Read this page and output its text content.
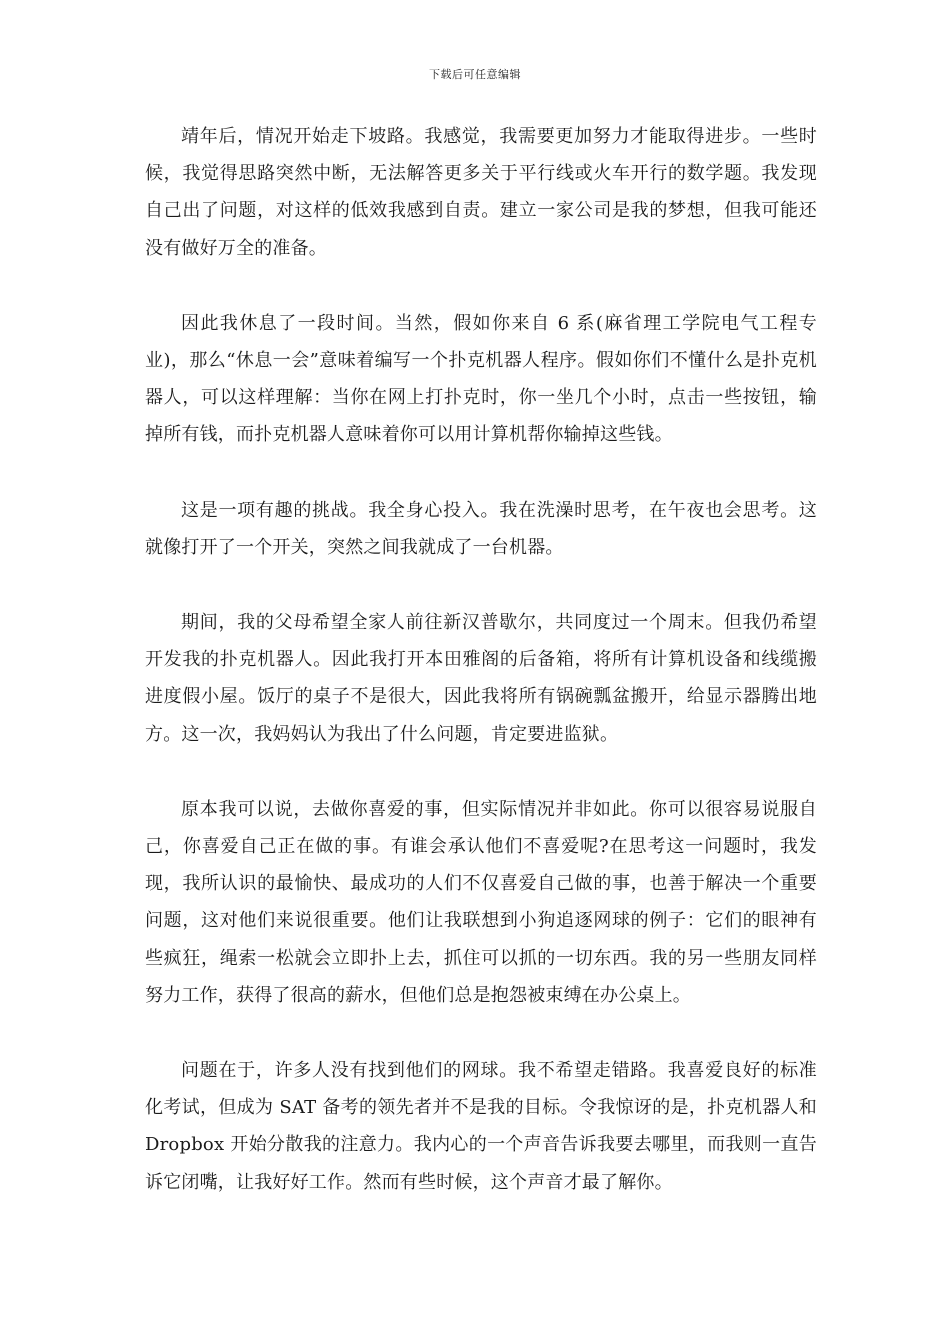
下载后可任意编辑

靖年后，情况开始走下坡路。我感觉，我需要更加努力才能取得进步。一些时候，我觉得思路突然中断，无法解答更多关于平行线或火车开行的数学题。我发现自己出了问题，对这样的低效我感到自责。建立一家公司是我的梦想，但我可能还没有做好万全的准备。

因此我休息了一段时间。当然，假如你来自 6 系(麻省理工学院电气工程专业)，那么“休息一会”意味着编写一个扑克机器人程序。假如你们不懂什么是扑克机器人，可以这样理解：当你在网上打扑克时，你一坐几个小时，点击一些按钮，输掉所有钱，而扑克机器人意味着你可以用计算机帮你输掉这些钱。

这是一项有趣的挑战。我全身心投入。我在洗澡时思考，在午夜也会思考。这就像打开了一个开关，突然之间我就成了一台机器。

期间，我的父母希望全家人前往新汉普歇尔，共同度过一个周末。但我仍希望开发我的扑克机器人。因此我打开本田雅阁的后备箱，将所有计算机设备和线缆搬进度假小屋。饭厅的桌子不是很大，因此我将所有锅碗瓢盆搬开，给显示器腾出地方。这一次，我妈妈认为我出了什么问题，肯定要进监狱。

原本我可以说，去做你喜爱的事，但实际情况并非如此。你可以很容易说服自己，你喜爱自己正在做的事。有谁会承认他们不喜爱呢?在思考这一问题时，我发现，我所认识的最愉快、最成功的人们不仅喜爱自己做的事，也善于解决一个重要问题，这对他们来说很重要。他们让我联想到小狗追逐网球的例子：它们的眼神有些疯狂，绳索一松就会立即扑上去，抓住可以抓的一切东西。我的另一些朋友同样努力工作，获得了很高的薪水，但他们总是抱怨被束缚在办公桌上。

问题在于，许多人没有找到他们的网球。我不希望走错路。我喜爱良好的标准化考试，但成为 SAT 备考的领先者并不是我的目标。令我惊讶的是，扑克机器人和 Dropbox 开始分散我的注意力。我内心的一个声音告诉我要去哪里，而我则一直告诉它闭嘴，让我好好工作。然而有些时候，这个声音才最了解你。
